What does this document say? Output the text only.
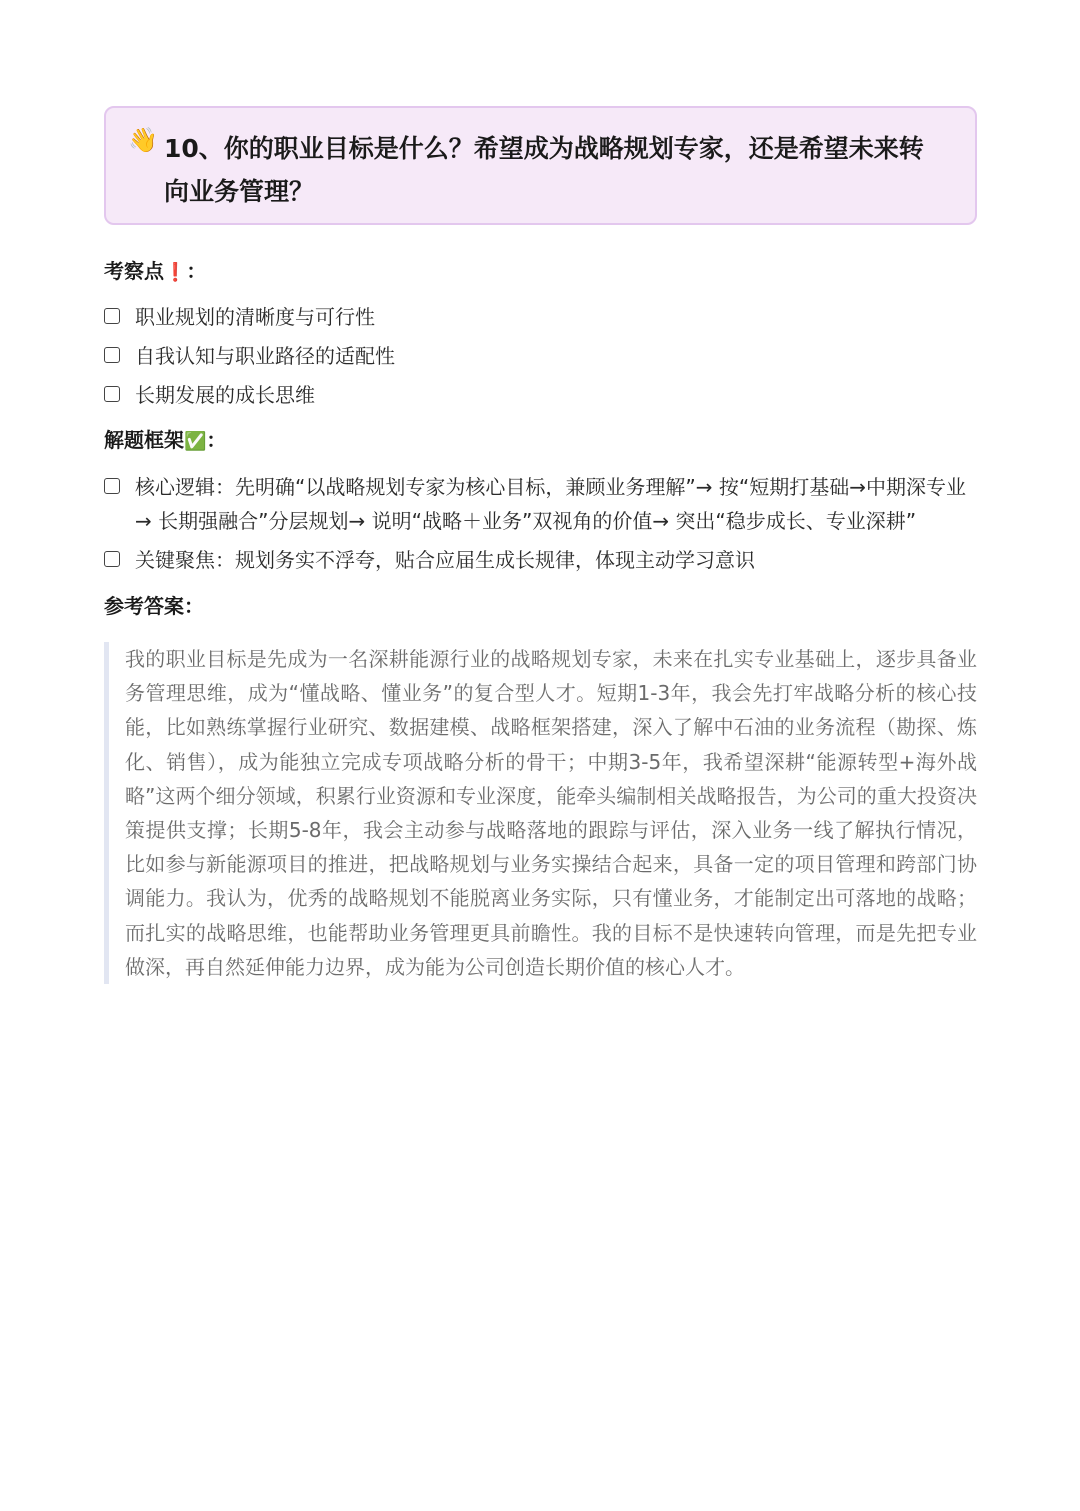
👋 10、你的职业目标是什么？希望成为战略规划专家，还是希望未来转向业务管理？
考察点❗：
职业规划的清晰度与可行性
自我认知与职业路径的适配性
长期发展的成长思维
解题框架✅：
核心逻辑：先明确“以战略规划专家为核心目标，兼顾业务理解”→ 按“短期打基础→中期深专业→ 长期强融合”分层规划→ 说明“战略＋业务”双视角的价值→ 突出“稳步成长、专业深耕”
关键聚焦：规划务实不浮夸，贴合应届生成长规律，体现主动学习意识
参考答案：
我的职业目标是先成为一名深耕能源行业的战略规划专家，未来在扎实专业基础上，逐步具备业务管理思维，成为“懂战略、懂业务”的复合型人才。短期1-3年，我会先打牢战略分析的核心技能，比如熟练掌握行业研究、数据建模、战略框架搭建，深入了解中石油的业务流程（勘探、炼化、销售），成为能独立完成专项战略分析的骨干；中期3-5年，我希望深耕“能源转型+海外战略”这两个细分领域，积累行业资源和专业深度，能牵头编制相关战略报告，为公司的重大投资决策提供支撑；长期5-8年，我会主动参与战略落地的跟踪与评估，深入业务一线了解执行情况，比如参与新能源项目的推进，把战略规划与业务实操结合起来，具备一定的项目管理和跨部门协调能力。我认为，优秀的战略规划不能脱离业务实际，只有懂业务，才能制定出可落地的战略；而扎实的战略思维，也能帮助业务管理更具前瞻性。我的目标不是快速转向管理，而是先把专业做深，再自然延伸能力边界，成为能为公司创造长期价值的核心人才。
